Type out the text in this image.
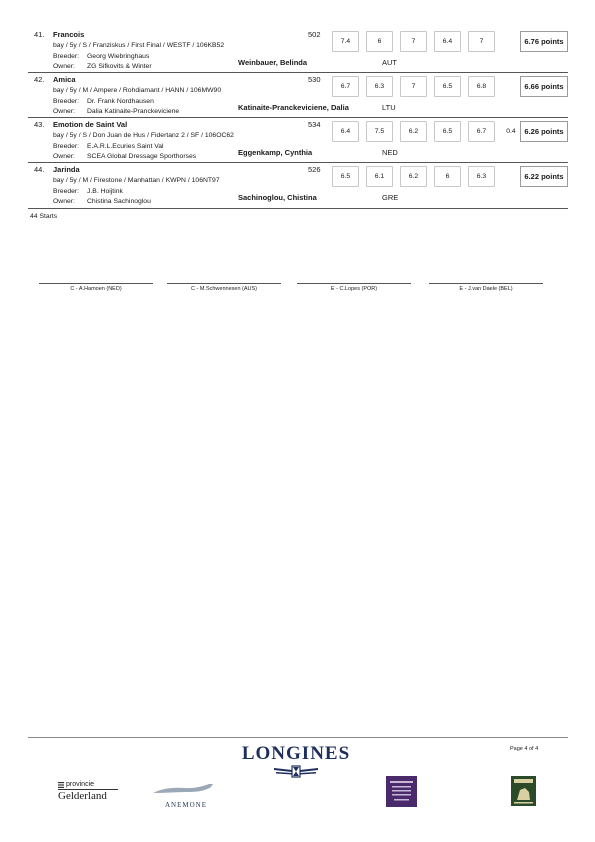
41. Francois	502
bay / 5y / S / Franziskus / First Final / WESTF / 106KB52
Breeder: Georg Wiebringhaus
Owner: ZG Sifkovits & Winter	Weinbauer, Belinda	AUT
7.4	6	7	6.4	7	6.76 points
42. Amica	530
bay / 5y / M / Ampere / Rohdiamant / HANN / 106MW90
Breeder: Dr. Frank Nordhausen
Owner: Dalia Katinaite-Pranckeviciene	Katinaite-Pranckeviciene, Dalia	LTU
6.7	6.3	7	6.5	6.8	6.66 points
43. Emotion de Saint Val	534
bay / 5y / S / Don Juan de Hus / Fidertanz 2 / SF / 106OC62
Breeder: E.A.R.L.Ecuries Saint Val
Owner: SCEA Global Dressage Sporthorses	Eggenkamp, Cynthia	NED
6.4	7.5	6.2	6.5	6.7	0.4	6.26 points
44. Jarinda	526
bay / 5y / M / Firestone / Manhattan / KWPN / 106NT97
Breeder: J.B. Hoijtink
Owner: Chistina Sachinoglou	Sachinoglou, Chistina	GRE
6.5	6.1	6.2	6	6.3	6.22 points
44 Starts
C - A.Hamoen (NED)	C - M.Schwennesen (AUS)	E - C.Lopes (POR)	E - J.van Daele (BEL)
LONGINES	Page 4 of 4
provincie
Gelderland
ANEMONE
